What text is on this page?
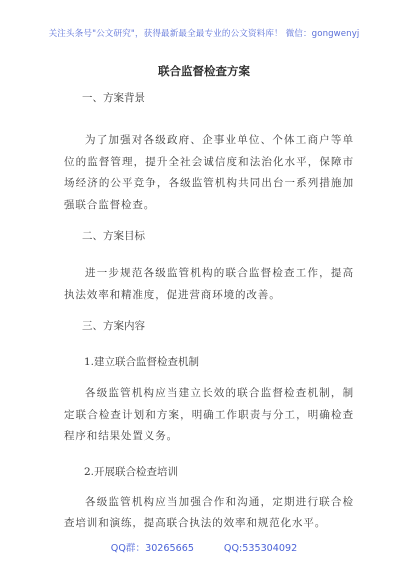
关注头条号"公文研究"，获得最新最全最专业的公文资料库！ 微信：gongwenyj
联合监督检查方案

一、方案背景

为了加强对各级政府、企事业单位、个体工商户等单位的监督管理，提升全社会诚信度和法治化水平，保障市场经济的公平竞争，各级监管机构共同出台一系列措施加强联合监督检查。

二、方案目标

进一步规范各级监管机构的联合监督检查工作，提高执法效率和精准度，促进营商环境的改善。

三、方案内容

1.建立联合监督检查机制

各级监管机构应当建立长效的联合监督检查机制，制定联合检查计划和方案，明确工作职责与分工，明确检查程序和结果处置义务。

2.开展联合检查培训

各级监管机构应当加强合作和沟通，定期进行联合检查培训和演练，提高联合执法的效率和规范化水平。

QQ群：30265665	QQ:535304092
